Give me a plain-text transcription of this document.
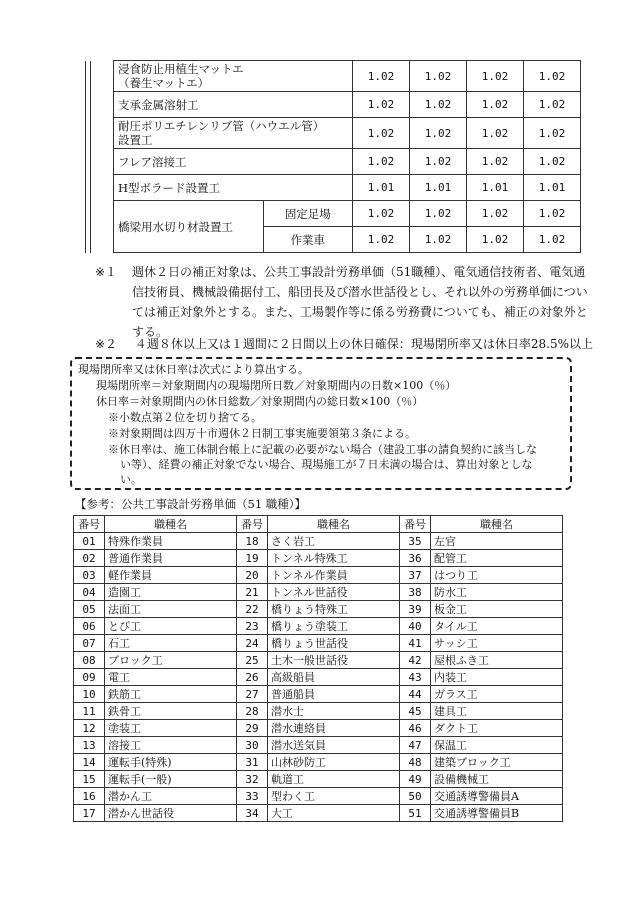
		浸食防止用植生マットエ
（養生マットエ）		1.02	1.02	1.02	1.02
		支承金属溶射工		1.02	1.02	1.02	1.02
		耐圧ポリエチレンリブ管（ハウエル管）
設置工		1.02	1.02	1.02	1.02
		フレア溶接工		1.02	1.02	1.02	1.02
		H型ボラード設置工		1.01	1.01	1.01	1.01
		橋梁用水切り材設置工	固定足場	1.02	1.02	1.02	1.02
			作業車	1.02	1.02	1.02	1.02
※１ 週休２日の補正対象は、公共工事設計労務単価（51職種）、電気通信技術者、電気通
信技術員、機械設備据付工、船団長及び潜水世話役とし、それ以外の労務単価につい
ては補正対象外とする。また、工場製作等に係る労務費についても、補正の対象外と
する。
※２ ４週８休以上又は１週間に２日間以上の休日確保：現場閉所率又は休日率28.5%以上
現場閉所率又は休日率は次式により算出する。
現場閉所率＝対象期間内の現場閉所日数／対象期間内の日数×100（％）
休日率＝対象期間内の休日総数／対象期間内の総日数×100（％）
※小数点第２位を切り捨てる。
※対象期間は四万十市週休２日制工事実施要領第３条による。
※休日率は、施工体制台帳上に記載の必要がない場合（建設工事の請負契約に該当しな
い等）、経費の補正対象でない場合、現場施工が７日未満の場合は、算出対象としな
い。
【参考：公共工事設計労務単価（51 職種）】
番号	職種名	番号	職種名	番号	職種名
01	特殊作業員	18	さく岩工	35	左官
02	普通作業員	19	トンネル特殊工	36	配管工
03	軽作業員	20	トンネル作業員	37	はつり工
04	造園工	21	トンネル世話役	38	防水工
05	法面工	22	橋りょう特殊工	39	板金工
06	とび工	23	橋りょう塗装工	40	タイル工
07	石工	24	橋りょう世話役	41	サッシ工
08	ブロック工	25	土木一般世話役	42	屋根ふき工
09	電工	26	高級船員	43	内装工
10	鉄筋工	27	普通船員	44	ガラス工
11	鉄骨工	28	潜水士	45	建具工
12	塗装工	29	潜水連絡員	46	ダクト工
13	溶接工	30	潜水送気員	47	保温工
14	運転手(特殊)	31	山林砂防工	48	建築ブロック工
15	運転手(一般)	32	軌道工	49	設備機械工
16	潜かん工	33	型わく工	50	交通誘導警備員A
17	潜かん世話役	34	大工	51	交通誘導警備員B
